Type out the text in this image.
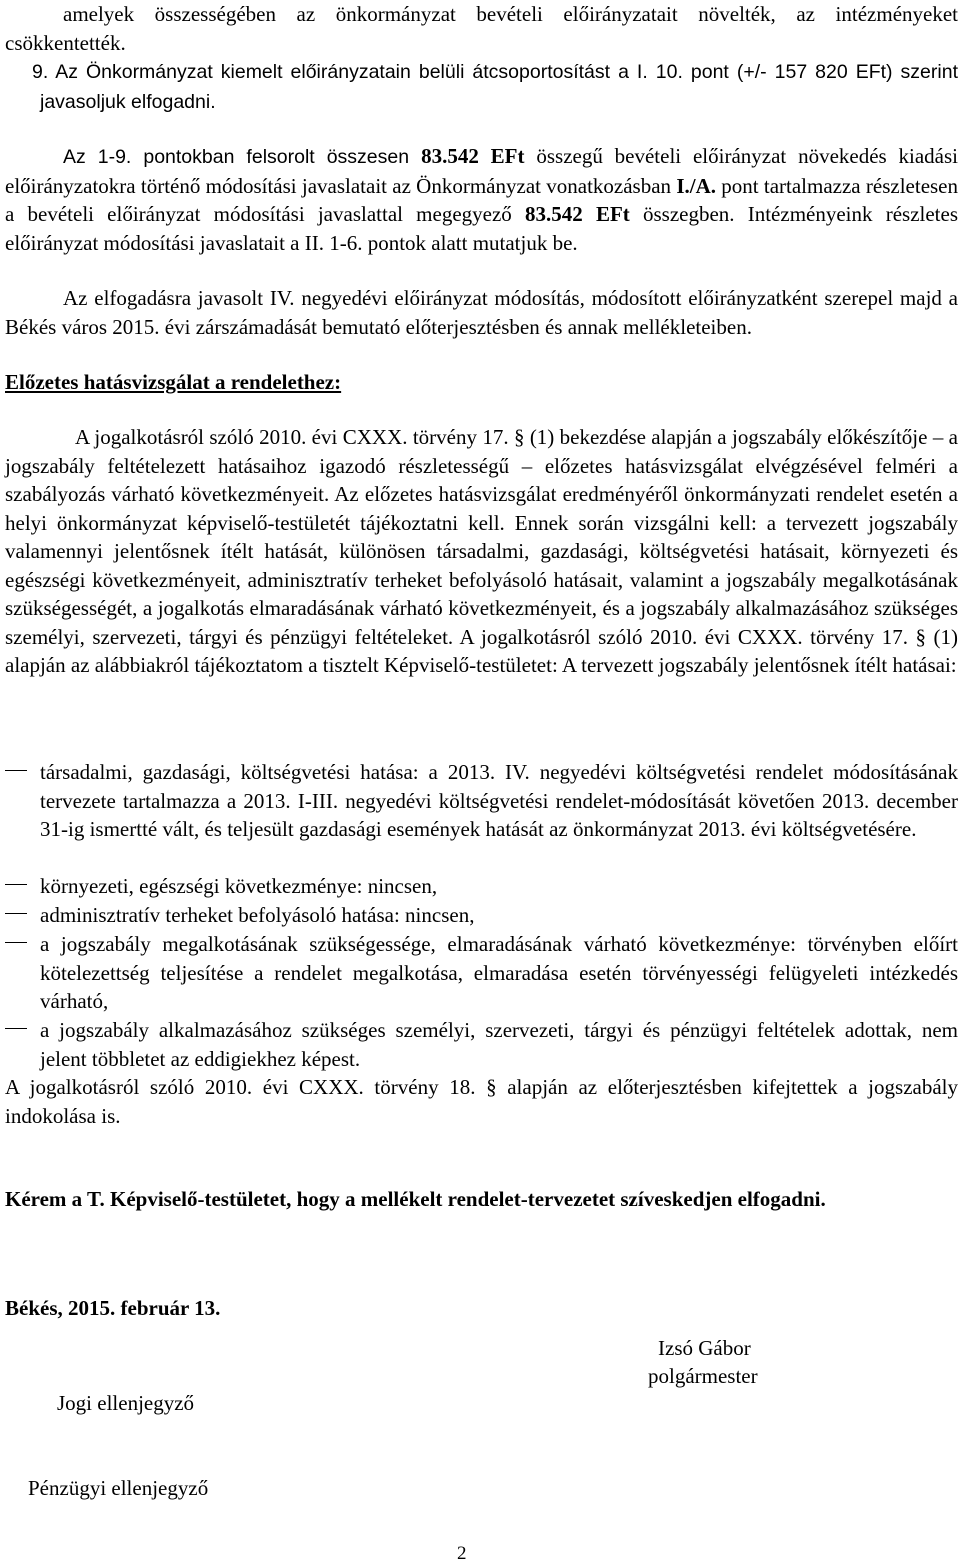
amelyek összességében az önkormányzat bevételi előirányzatait növelték, az intézményeket csökkentették.

9. Az Önkormányzat kiemelt előirányzatain belüli átcsoportosítást a I. 10. pont (+/- 157 820 EFt) szerint javasoljuk elfogadni.

Az 1-9. pontokban felsorolt összesen 83.542 EFt összegű bevételi előirányzat növekedés kiadási előirányzatokra történő módosítási javaslatait az Önkormányzat vonatkozásban I./A. pont tartalmazza részletesen a bevételi előirányzat módosítási javaslattal megegyező 83.542 EFt összegben. Intézményeink részletes előirányzat módosítási javaslatait a II. 1-6. pontok alatt mutatjuk be.

Az elfogadásra javasolt IV. negyedévi előirányzat módosítás, módosított előirányzatként szerepel majd a Békés város 2015. évi zárszámadását bemutató előterjesztésben és annak mellékleteiben.

Előzetes hatásvizsgálat a rendelethez:

A jogalkotásról szóló 2010. évi CXXX. törvény 17. § (1) bekezdése alapján a jogszabály előkészítője – a jogszabály feltételezett hatásaihoz igazodó részletességű – előzetes hatásvizsgálat elvégzésével felméri a szabályozás várható következményeit. Az előzetes hatásvizsgálat eredményéről önkormányzati rendelet esetén a helyi önkormányzat képviselő-testületét tájékoztatni kell. Ennek során vizsgálni kell: a tervezett jogszabály valamennyi jelentősnek ítélt hatását, különösen társadalmi, gazdasági, költségvetési hatásait, környezeti és egészségi következményeit, adminisztratív terheket befolyásoló hatásait, valamint a jogszabály megalkotásának szükségességét, a jogalkotás elmaradásának várható következményeit, és a jogszabály alkalmazásához szükséges személyi, szervezeti, tárgyi és pénzügyi feltételeket. A jogalkotásról szóló 2010. évi CXXX. törvény 17. § (1) alapján az alábbiakról tájékoztatom a tisztelt Képviselő-testületet: A tervezett jogszabály jelentősnek ítélt hatásai:

társadalmi, gazdasági, költségvetési hatása: a 2013. IV. negyedévi költségvetési rendelet módosításának tervezete tartalmazza a 2013. I-III. negyedévi költségvetési rendelet-módosítását követően 2013. december 31-ig ismertté vált, és teljesült gazdasági események hatását az önkormányzat 2013. évi költségvetésére.

környezeti, egészségi következménye: nincsen,

adminisztratív terheket befolyásoló hatása: nincsen,

a jogszabály megalkotásának szükségessége, elmaradásának várható következménye: törvényben előírt kötelezettség teljesítése a rendelet megalkotása, elmaradása esetén törvényességi felügyeleti intézkedés várható,

a jogszabály alkalmazásához szükséges személyi, szervezeti, tárgyi és pénzügyi feltételek adottak, nem jelent többletet az eddigiekhez képest.

A jogalkotásról szóló 2010. évi CXXX. törvény 18. § alapján az előterjesztésben kifejtettek a jogszabály indokolása is.

Kérem a T. Képviselő-testületet, hogy a mellékelt rendelet-tervezetet szíveskedjen elfogadni.

Békés, 2015. február 13.

Izsó Gábor

polgármester

Jogi ellenjegyző

Pénzügyi ellenjegyző

2
